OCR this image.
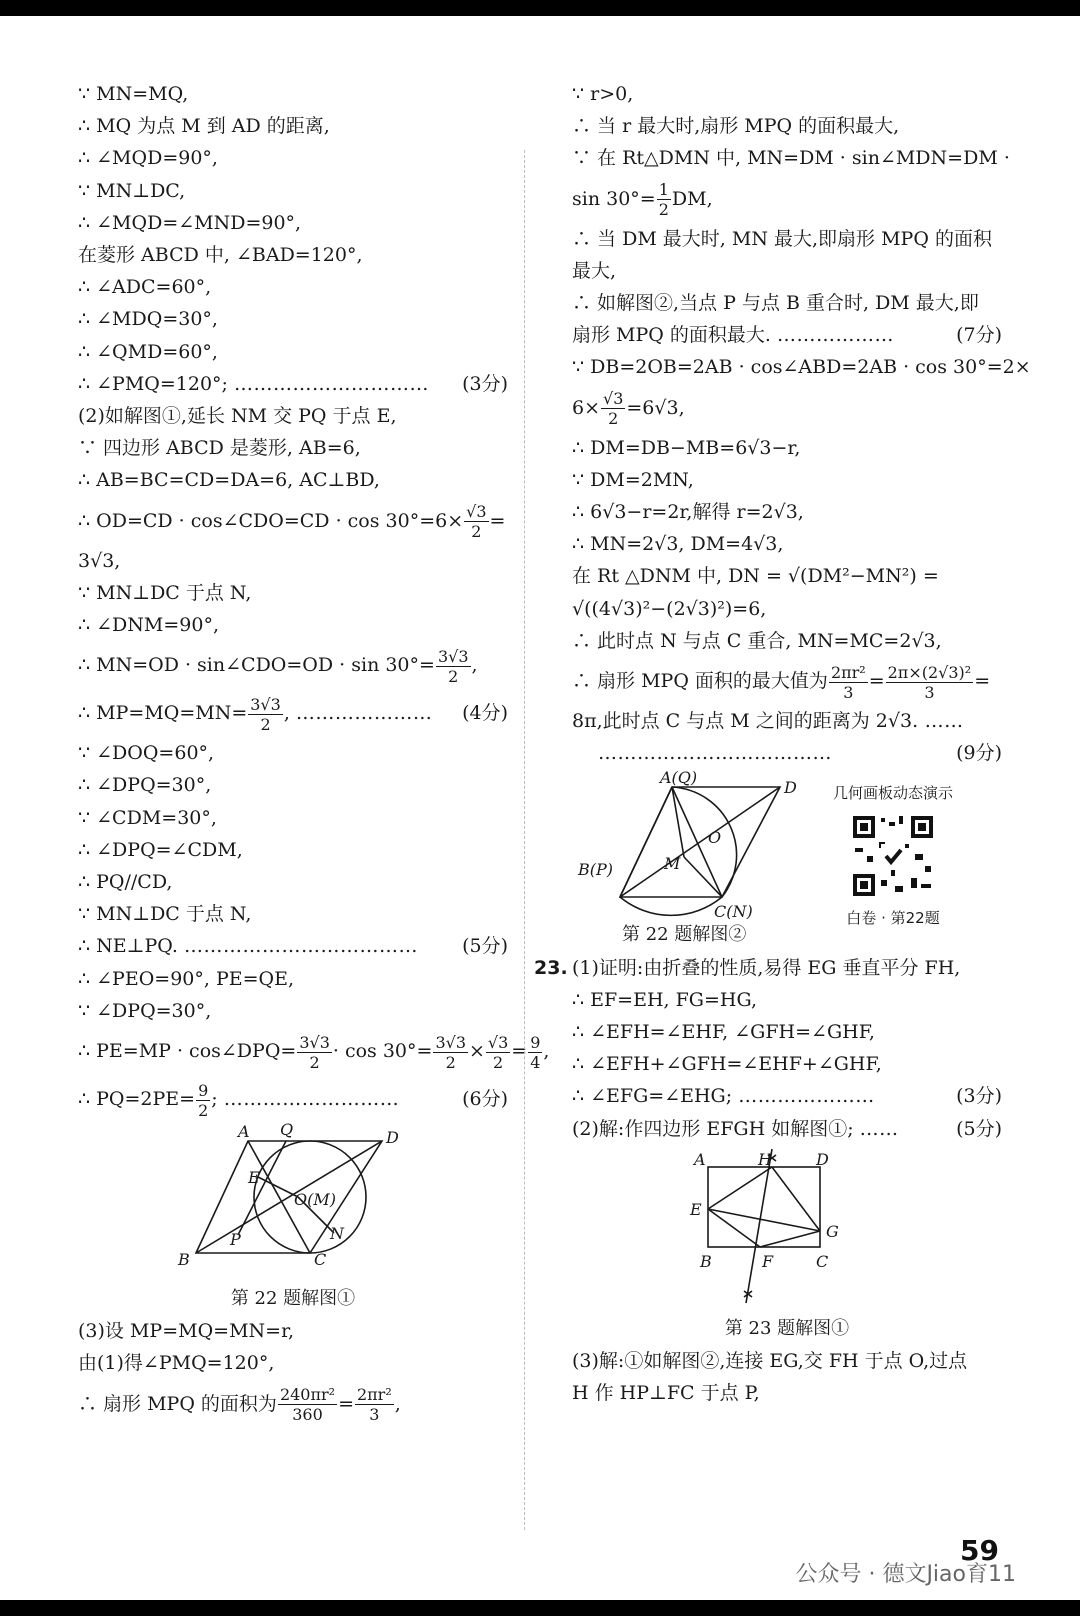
∵ MN=MQ,
∴ MQ 为点 M 到 AD 的距离,
∴ ∠MQD=90°,
∵ MN⊥DC,
∴ ∠MQD=∠MND=90°,
在菱形 ABCD 中, ∠BAD=120°,
∴ ∠ADC=60°,
∴ ∠MDQ=30°,
∴ ∠QMD=60°,
∴ ∠PMQ=120°; ………………………… (3分)
(2)如解图①,延长 NM 交 PQ 于点 E,
∵ 四边形 ABCD 是菱形, AB=6,
∴ AB=BC=CD=DA=6, AC⊥BD,
∴ OD=CD · cos∠CDO=CD · $\cos 30^\circ=6\times \frac{√3}{2}$ =
3√3,
∵ MN⊥DC 于点 N,
∴ ∠DNM=90°,
∴ MN=OD · sin∠CDO=OD · $\sin 30^\circ= \frac{3√3}{2}$ ,
∴ $MP=MQ=MN= \frac{3√3}{2}$ , ………………… (4分)
∵ ∠DOQ=60°,
∴ ∠DPQ=30°,
∵ ∠CDM=30°,
∴ ∠DPQ=∠CDM,
∴ PQ//CD,
∵ MN⊥DC 于点 N,
∴ NE⊥PQ. ……………………………… (5分)
∴ ∠PEO=90°, PE=QE,
∵ ∠DPQ=30°,
∴ PE=MP · cos∠DPQ= $\frac{3√3}{2} \cdot \cos 30^\circ= \frac{3√3}{2} \times \frac{√3}{2} = \frac{9}{4}$ ,
∴ $PQ=2PE= \frac{9}{2}$ ; ………………………	(6分)
A Q	D
E
O(M)
B
P	N
C
第 22 题解图①
(3)设 MP=MQ=MN=r,
由(1)得∠PMQ=120°,
∴ 扇形 MPQ 的面积为 $\frac{\text{240πr²}}{360} = \frac{\text{2πr²}}{3}$ ,
∵ r>0,
∴ 当 r 最大时,扇形 MPQ 的面积最大,
∵ 在 Rt△DMN 中, MN=DM · sin∠MDN=DM ·
$\sin 30^\circ= \frac{1}{2}$ DM,
∴ 当 DM 最大时, MN 最大,即扇形 MPQ 的面积
最大,
∴ 如解图②,当点 P 与点 B 重合时, DM 最大,即
扇形 MPQ 的面积最大. ………………	(7分)
∵ DB=2OB=2AB · cos∠ABD=2AB · cos 30°=2×
$6\times \frac{√3}{2} =6√3$,
∴ DM=DB−MB=6√3−r,
∵ DM=2MN,
∴ 6√3−r=2r,解得 r=2√3,
∴ MN=2√3, DM=4√3,
在 Rt △DNM 中, DN = √(DM²−MN²) =
√((4√3)²−(2√3)²)=6,
∴ 此时点 N 与点 C 重合, MN=MC=2√3,
∴ 扇形 MPQ 面积的最大值为 $\frac{\text{2πr²}}{3} = \frac{\text{2π×(2√3)²}}{3}$ =
8π,此时点 C 与点 M 之间的距离为 2√3. ……
　 ………………………………	(9分)
A(Q)
D
O
M
B(P)
C(N)
几何画板动态演示
白卷 · 第22题
第 22 题解图②
23. (1)证明:由折叠的性质,易得 EG 垂直平分 FH,
∴ EF=EH, FG=HG,
∴ ∠EFH=∠EHF, ∠GFH=∠GHF,
∴ ∠EFH+∠GFH=∠EHF+∠GHF,
∴ ∠EFG=∠EHG; …………………	(3分)
(2)解:作四边形 EFGH 如解图①; ……	(5分)
A	H	D
E
G
B	F	C
第 23 题解图①
(3)解:①如解图②,连接 EG,交 FH 于点 O,过点
H 作 HP⊥FC 于点 P,
公众号 · 德文Jiao育11
59
